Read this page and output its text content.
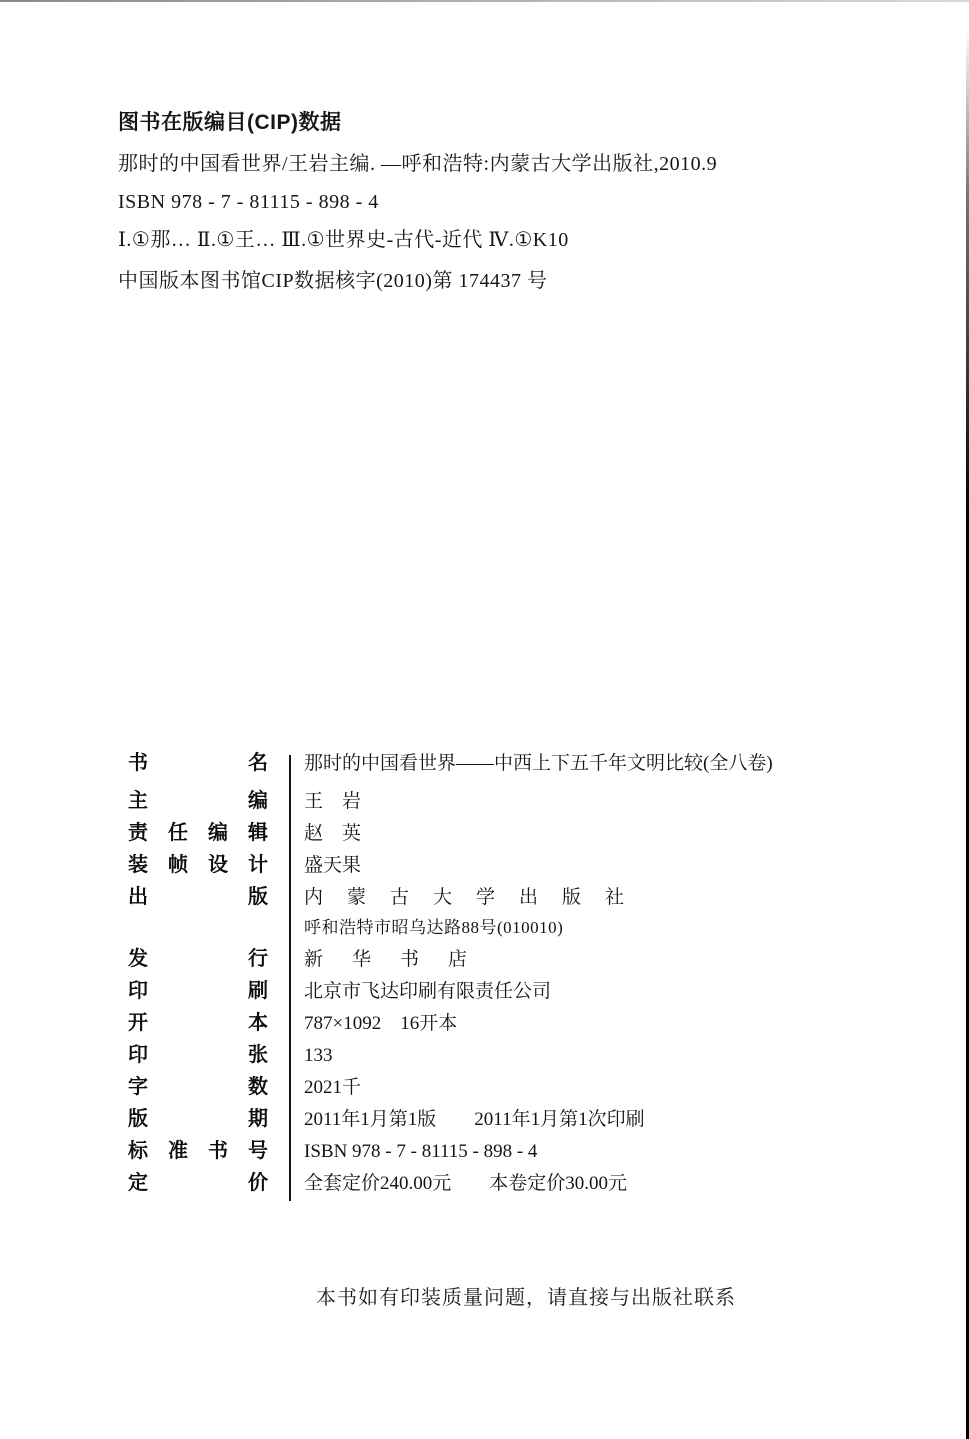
图书在版编目(CIP)数据
那时的中国看世界/王岩主编. —呼和浩特:内蒙古大学出版社,2010.9
ISBN 978 - 7 - 81115 - 898 - 4
Ⅰ.①那… Ⅱ.①王… Ⅲ.①世界史-古代-近代 Ⅳ.①K10
中国版本图书馆CIP数据核字(2010)第 174437 号
书名 那时的中国看世界——中西上下五千年文明比较(全八卷)
主编 王　岩
责任编辑 赵　英
装帧设计 盛天果
出版 内蒙古大学出版社
呼和浩特市昭乌达路88号(010010)
发行 新华书店
印刷 北京市飞达印刷有限责任公司
开本 787×1092　16开本
印张 133
字数 2021千
版期 2011年1月第1版　　2011年1月第1次印刷
标准书号 ISBN 978 - 7 - 81115 - 898 - 4
定价 全套定价240.00元　　本卷定价30.00元
本书如有印装质量问题，请直接与出版社联系
